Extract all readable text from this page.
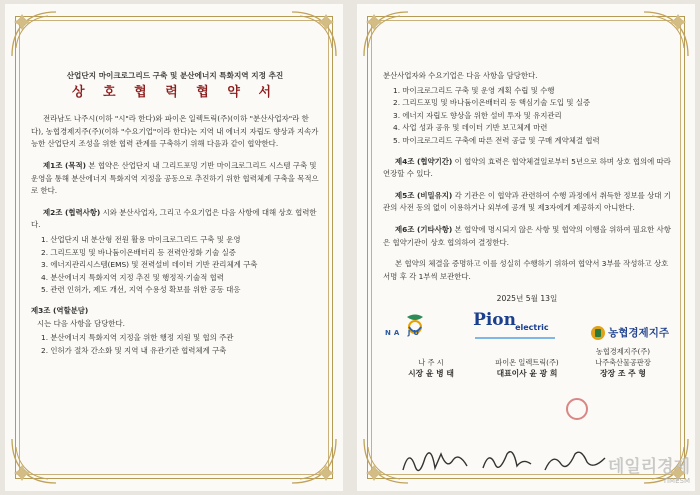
산업단지 마이크로그리드 구축 및 분산에너지 특화지역 지정 추진
상 호 협 력 협 약 서
전라남도 나주시(이하 "시"라 한다)와 파이온 일렉트릭(주)(이하 "분산사업자"라 한다), 농협경제지주(주)(이하 "수요기업"이라 한다)는 지역 내 에너지 자립도 향상과 지속가능한 산업단지 조성을 위한 협력 관계를 구축하기 위해 다음과 같이 협약한다.
제1조 (목적) 본 협약은 산업단지 내 그리드포밍 기반 마이크로그리드 시스템 구축 및 운영을 통해 분산에너지 특화지역 지정을 공동으로 추진하기 위한 협력체계 구축을 목적으로 한다.
제2조 (협력사항) 시와 분산사업자, 그리고 수요기업은 다음 사항에 대해 상호 협력한다.
1. 산업단지 내 분산형 전원 활용 마이크로그리드 구축 및 운영
2. 그리드포밍 및 바나듐이온배터리 등 전력안정화 기술 실증
3. 에너지관리시스템(EMS) 및 전력설비 데이터 기반 관리체계 구축
4. 분산에너지 특화지역 지정 추진 및 행정적·기술적 협력
5. 관련 인허가, 제도 개선, 지역 수용성 확보를 위한 공동 대응
제3조 (역할분담)
시는 다음 사항을 담당한다.
1. 분산에너지 특화지역 지정을 위한 행정 지원 및 협의 주관
2. 인허가 절차 간소화 및 지역 내 유관기관 협력체계 구축
분산사업자와 수요기업은 다음 사항을 담당한다.
1. 마이크로그리드 구축 및 운영 계획 수립 및 수행
2. 그리드포밍 및 바나듐이온배터리 등 핵심기술 도입 및 실증
3. 에너지 자립도 향상을 위한 설비 투자 및 유지관리
4. 사업 성과 공유 및 데이터 기반 보고체계 마련
5. 마이크로그리드 구축에 따른 전력 공급 및 구매 계약체결 협력
제4조 (협약기간) 이 협약의 효력은 협약체결일로부터 5년으로 하며 상호 협의에 따라 연장할 수 있다.
제5조 (비밀유지) 각 기관은 이 협약과 관련하여 수행 과정에서 취득한 정보를 상대 기관의 사전 동의 없이 이용하거나 외부에 공개 및 제3자에게 제공하지 아니한다.
제6조 (기타사항) 본 협약에 명시되지 않은 사항 및 협약의 이행을 위하여 필요한 사항은 협약기관이 상호 협의하여 결정한다.
본 협약의 체결을 증명하고 이를 성실히 수행하기 위하여 협약서 3부를 작성하고 상호 서명 후 각 1부씩 보관한다.
2025년 5월 13일
NA JU
Pion electric	농협경제지주
나 주 시
시장 윤 병 태
파이온 일렉트릭(주)
대표이사 윤 광 희
농협경제지주(주)
나주축산물공판장
장장 조 주 형
데일리경제
TIMESM
